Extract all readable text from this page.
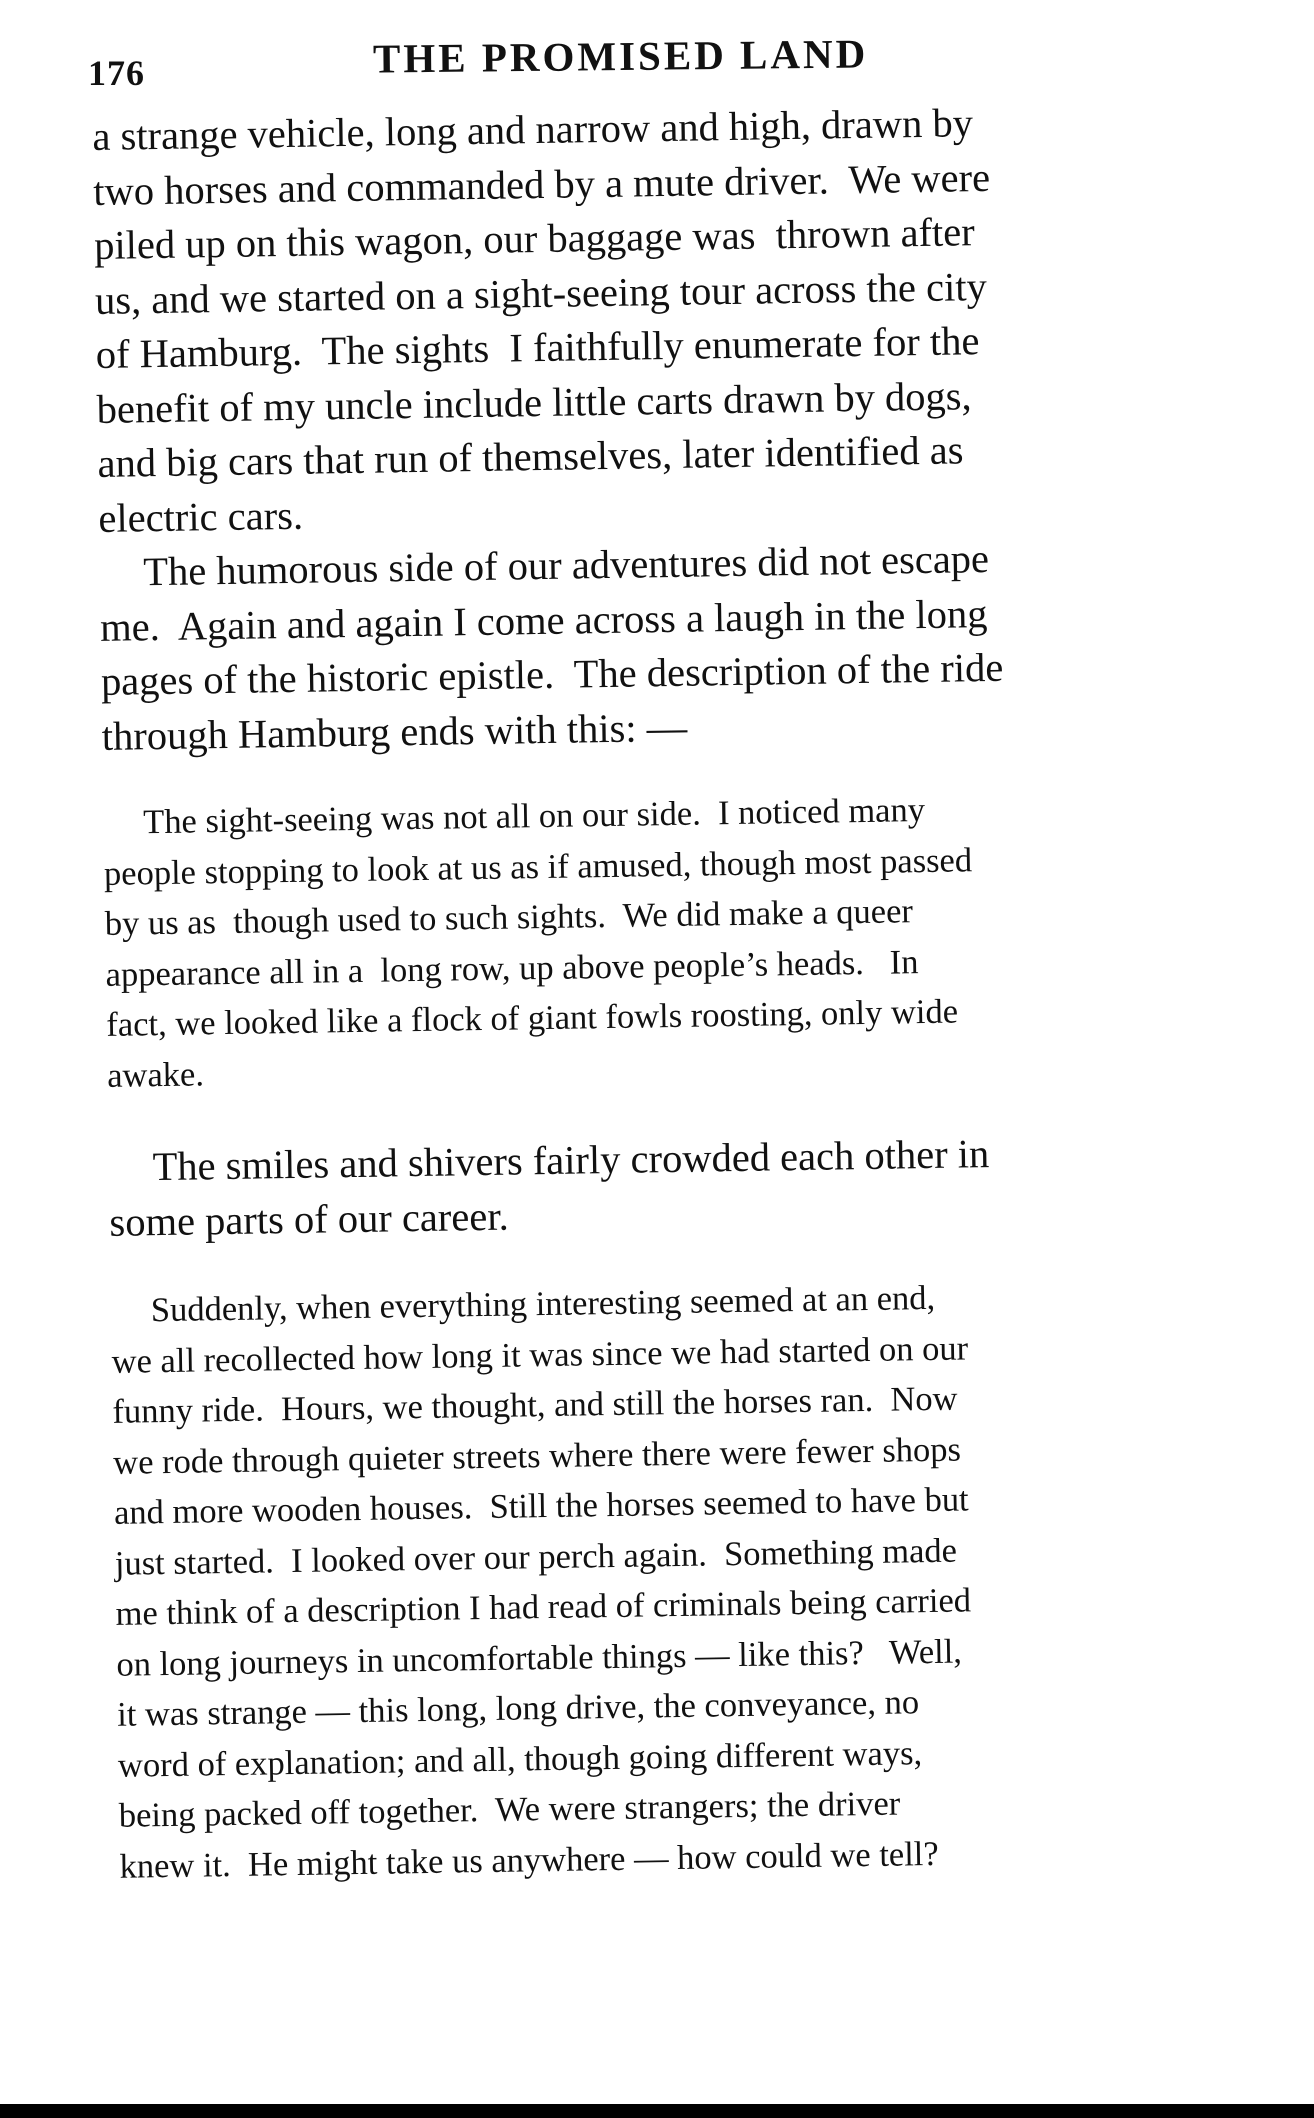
176	THE PROMISED LAND

a strange vehicle, long and narrow and high, drawn by
two horses and commanded by a mute driver.  We were
piled up on this wagon, our baggage was  thrown after
us, and we started on a sight-seeing tour across the city
of Hamburg.  The sights  I faithfully enumerate for the
benefit of my uncle include little carts drawn by dogs,
and big cars that run of themselves, later identified as
electric cars.

The humorous side of our adventures did not escape
me.  Again and again I come across a laugh in the long
pages of the historic epistle.  The description of the ride
through Hamburg ends with this: —

The sight-seeing was not all on our side.  I noticed many
people stopping to look at us as if amused, though most passed
by us as  though used to such sights.  We did make a queer
appearance all in a  long row, up above people’s heads.   In
fact, we looked like a flock of giant fowls roosting, only wide
awake.

The smiles and shivers fairly crowded each other in
some parts of our career.

Suddenly, when everything interesting seemed at an end,
we all recollected how long it was since we had started on our
funny ride.  Hours, we thought, and still the horses ran.  Now
we rode through quieter streets where there were fewer shops
and more wooden houses.  Still the horses seemed to have but
just started.  I looked over our perch again.  Something made
me think of a description I had read of criminals being carried
on long journeys in uncomfortable things — like this?   Well,
it was strange — this long, long drive, the conveyance, no
word of explanation; and all, though going different ways,
being packed off together.  We were strangers; the driver
knew it.  He might take us anywhere — how could we tell?
